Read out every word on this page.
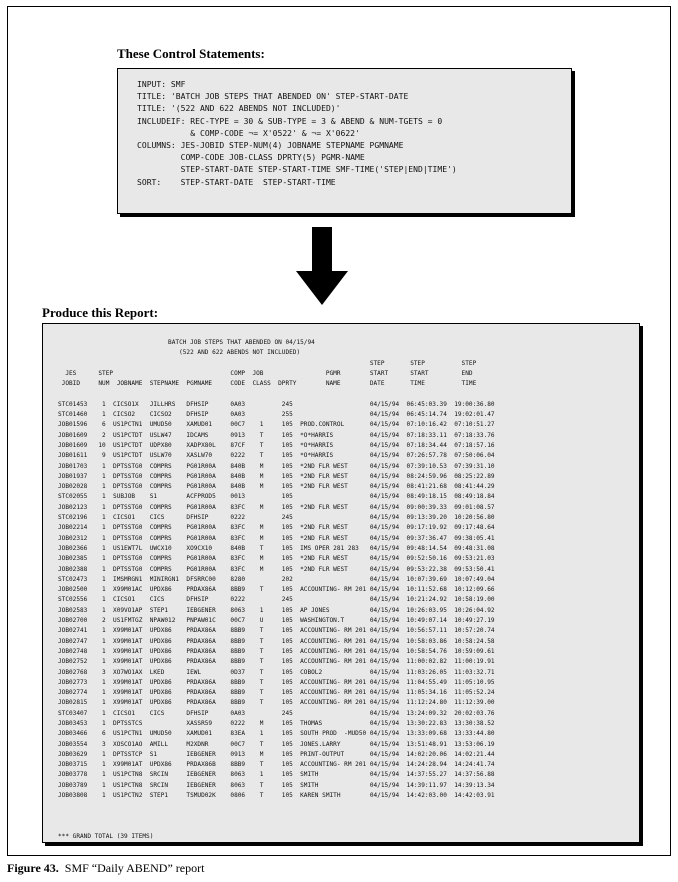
These Control Statements:
INPUT: SMF
TITLE: 'BATCH JOB STEPS THAT ABENDED ON' STEP-START-DATE
TITLE: '(522 AND 622 ABENDS NOT INCLUDED)'
INCLUDEIF: REC-TYPE = 30 & SUB-TYPE = 3 & ABEND & NUM-TGETS = 0
& COMP-CODE ¬= X'0522' & ¬= X'0622'
COLUMNS: JES-JOBID STEP-NUM(4) JOBNAME STEPNAME PGMNAME
COMP-CODE JOB-CLASS DPRTY(5) PGMR-NAME
STEP-START-DATE STEP-START-TIME SMF-TIME('STEP|END|TIME')
SORT:    STEP-START-DATE  STEP-START-TIME
Produce this Report:
BATCH JOB STEPS THAT ABENDED ON 04/15/94
(522 AND 622 ABENDS NOT INCLUDED)
STEP       STEP          STEP
JES      STEP                                COMP  JOB                 PGMR        START      START         END
JOBID     NUM  JOBNAME  STEPNAME  PGMNAME     CODE  CLASS  DPRTY        NAME        DATE       TIME          TIME

STC01453    1  CICSO1X   JILLHRS   DFHSIP      0A03          245                     04/15/94  06:45:03.39  19:00:36.80
STC01460    1  CICSO2    CICSO2    DFHSIP      0A03          255                     04/15/94  06:45:14.74  19:02:01.47
JOB01596    6  US1PCTN1  UMUD50    XAMUD01     00C7    1     105  PROD.CONTROL       04/15/94  07:10:16.42  07:10:51.27
JOB01609    2  US1PCTDT  USLW47    IDCAMS      0913    T     105  *O*HARRIS          04/15/94  07:18:33.11  07:18:33.76
JOB01609   10  US1PCTDT  UDPX80    XADPX80L    87CF    T     105  *O*HARRIS          04/15/94  07:18:34.44  07:18:57.16
JOB01611    9  US1PCTDT  USLW70    XASLW70     0222    T     105  *O*HARRIS          04/15/94  07:26:57.78  07:50:06.04
JOB01703    1  DPTSSTG0  COMPRS    PG01R00A    840B    M     105  *2ND FLR WEST      04/15/94  07:39:10.53  07:39:31.10
JOB01937    1  DPTSSTG0  COMPRS    PG01R00A    840B    M     105  *2ND FLR WEST      04/15/94  08:24:59.96  08:25:22.89
JOB02028    1  DPTSSTG0  COMPRS    PG01R00A    840B    M     105  *2ND FLR WEST      04/15/94  08:41:21.68  08:41:44.29
STC02055    1  SUBJOB    S1        ACFPROD5    0013          105                     04/15/94  08:49:18.15  08:49:18.84
JOB02123    1  DPTSSTG0  COMPRS    PG01R00A    83FC    M     105  *2ND FLR WEST      04/15/94  09:00:39.33  09:01:08.57
STC02196    1  CICSO1    CICS      DFHSIP      0222          245                     04/15/94  09:13:39.20  10:20:56.80
JOB02214    1  DPTSSTG0  COMPRS    PG01R00A    83FC    M     105  *2ND FLR WEST      04/15/94  09:17:19.92  09:17:48.64
JOB02312    1  DPTSSTG0  COMPRS    PG01R00A    83FC    M     105  *2ND FLR WEST      04/15/94  09:37:36.47  09:38:05.41
JOB02366    1  US1EWT7L  UWCX10    XO9CX10     840B    T     105  IMS OPER 281 283   04/15/94  09:48:14.54  09:48:31.08
JOB02385    1  DPTSSTG0  COMPRS    PG01R00A    83FC    M     105  *2ND FLR WEST      04/15/94  09:52:50.16  09:53:21.03
JOB02388    1  DPTSSTG0  COMPRS    PG01R00A    83FC    M     105  *2ND FLR WEST      04/15/94  09:53:22.38  09:53:50.41
STC02473    1  IMSMRGN1  MINIRGN1  DFSRRC00    8280          202                     04/15/94  10:07:39.69  10:07:49.04
JOB02500    1  X99M01AC  UPDX86    PRDAX86A    8BB9    T     105  ACCOUNTING- RM 201 04/15/94  10:11:52.68  10:12:09.66
STC02556    1  CICSO1    CICS      DFHSIP      0222          245                     04/15/94  10:21:24.92  10:58:19.00
JOB02583    1  X09VO1AP  STEP1     IEBGENER    8063    1     105  AP JONES           04/15/94  10:26:03.95  10:26:04.92
JOB02700    2  US1FMTGZ  NPAW012   PNPAW01C    00C7    U     105  WASHINGTON.T       04/15/94  10:49:07.14  10:49:27.19
JOB02741    1  X99M01AT  UPDX86    PRDAX86A    8BB9    T     105  ACCOUNTING- RM 201 04/15/94  10:56:57.11  10:57:20.74
JOB02747    1  X99M01AT  UPDX86    PRDAX86A    8BB9    T     105  ACCOUNTING- RM 201 04/15/94  10:58:03.86  10:58:24.58
JOB02748    1  X99M01AT  UPDX86    PRDAX86A    8BB9    T     105  ACCOUNTING- RM 201 04/15/94  10:58:54.76  10:59:09.61
JOB02752    1  X99M01AT  UPDX86    PRDAX86A    8BB9    T     105  ACCOUNTING- RM 201 04/15/94  11:00:02.82  11:00:19.91
JOB02768    3  XO7WO1AX  LKED      IEWL        0D37    T     105  COBOL2             04/15/94  11:03:26.05  11:03:32.71
JOB02773    1  X99M01AT  UPDX86    PRDAX86A    8BB9    T     105  ACCOUNTING- RM 201 04/15/94  11:04:55.49  11:05:10.95
JOB02774    1  X99M01AT  UPDX86    PRDAX86A    8BB9    T     105  ACCOUNTING- RM 201 04/15/94  11:05:34.16  11:05:52.24
JOB02815    1  X99M01AT  UPDX86    PRDAX86A    8BB9    T     105  ACCOUNTING- RM 201 04/15/94  11:12:24.80  11:12:39.00
STC03407    1  CICSO1    CICS      DFHSIP      0A03          245                     04/15/94  13:24:09.32  20:02:03.76
JOB03453    1  DPTSSTCS            XASSR59     0222    M     105  THOMAS             04/15/94  13:30:22.83  13:30:38.52
JOB03466    6  US1PCTN1  UMUD50    XAMUD01     83EA    1     105  SOUTH PROD  -MUD50 04/15/94  13:33:09.68  13:33:44.80
JOB03554    3  XOSCO1AO  AMILL     M2XDNR      00C7    T     105  JONES.LARRY        04/15/94  13:51:48.91  13:53:06.19
JOB03629    1  DPTSSTCP  S1        IEBGENER    0913    M     105  PRINT-OUTPUT       04/15/94  14:02:20.06  14:02:21.44
JOB03715    1  X99M01AT  UPDX86    PRDAX86B    8BB9    T     105  ACCOUNTING- RM 201 04/15/94  14:24:28.94  14:24:41.74
JOB03778    1  US1PCTN8  SRCIN     IEBGENER    8063    1     105  SMITH              04/15/94  14:37:55.27  14:37:56.88
JOB03789    1  US1PCTN8  SRCIN     IEBGENER    8063    T     105  SMITH              04/15/94  14:39:11.97  14:39:13.34
JOB03808    1  US1PCTN2  STEP1     TSMUD02K    0806    T     105  KAREN SMITH        04/15/94  14:42:03.00  14:42:03.91

*** GRAND TOTAL (39 ITEMS)
Figure 43. SMF “Daily ABEND” report
